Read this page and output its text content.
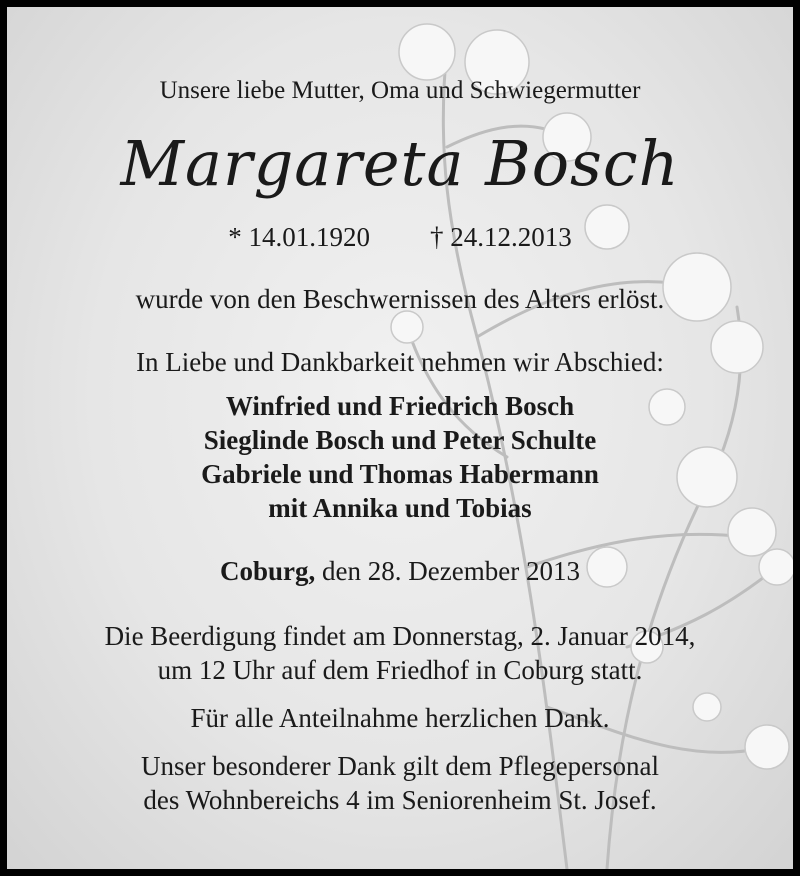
Unsere liebe Mutter, Oma und Schwiegermutter
Margareta Bosch
* 14.01.1920 † 24.12.2013
wurde von den Beschwernissen des Alters erlöst.
In Liebe und Dankbarkeit nehmen wir Abschied:
Winfried und Friedrich Bosch
Sieglinde Bosch und Peter Schulte
Gabriele und Thomas Habermann
mit Annika und Tobias
Coburg, den 28. Dezember 2013
Die Beerdigung findet am Donnerstag, 2. Januar 2014,
um 12 Uhr auf dem Friedhof in Coburg statt.
Für alle Anteilnahme herzlichen Dank.
Unser besonderer Dank gilt dem Pflegepersonal
des Wohnbereichs 4 im Seniorenheim St. Josef.
